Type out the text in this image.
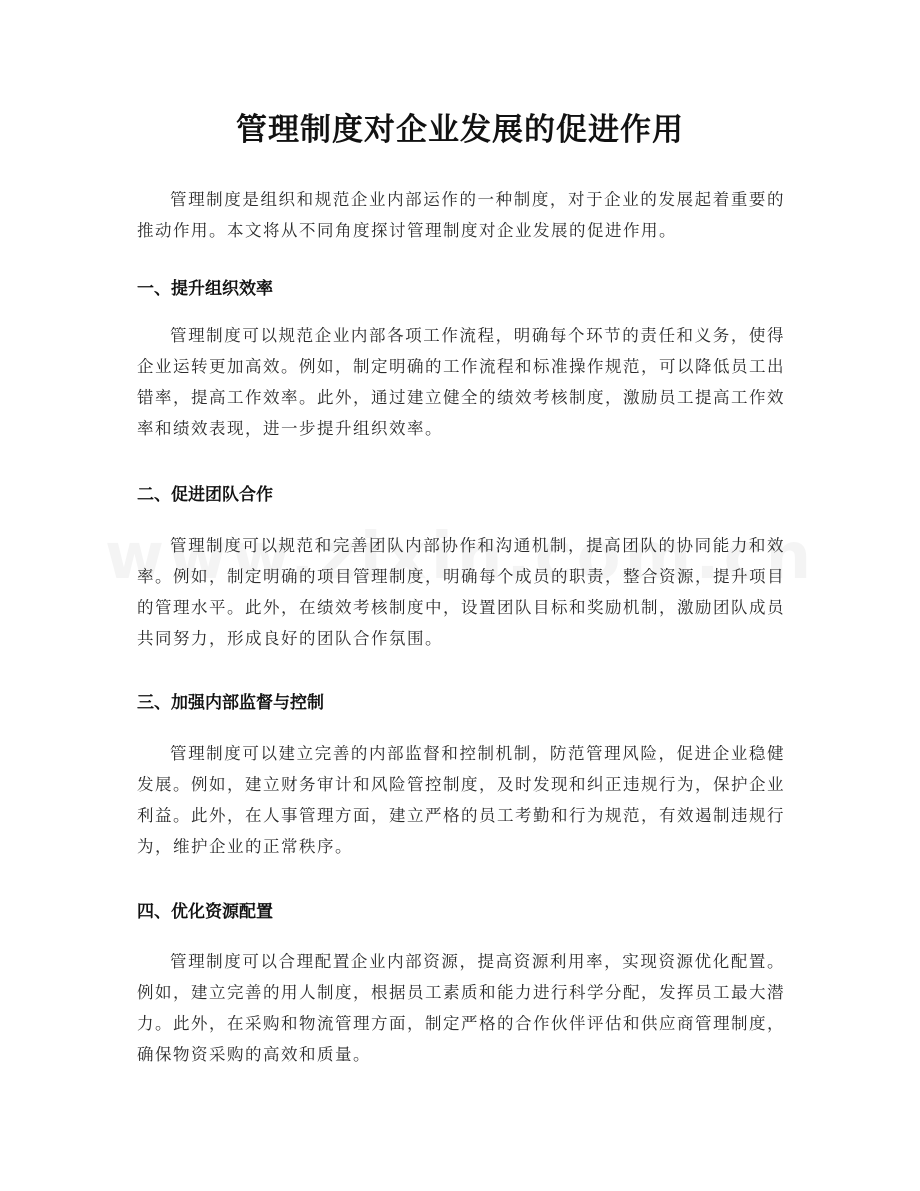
管理制度对企业发展的促进作用

管理制度是组织和规范企业内部运作的一种制度，对于企业的发展起着重要的推动作用。本文将从不同角度探讨管理制度对企业发展的促进作用。

一、提升组织效率

管理制度可以规范企业内部各项工作流程，明确每个环节的责任和义务，使得企业运转更加高效。例如，制定明确的工作流程和标准操作规范，可以降低员工出错率，提高工作效率。此外，通过建立健全的绩效考核制度，激励员工提高工作效率和绩效表现，进一步提升组织效率。

二、促进团队合作

管理制度可以规范和完善团队内部协作和沟通机制，提高团队的协同能力和效率。例如，制定明确的项目管理制度，明确每个成员的职责，整合资源，提升项目的管理水平。此外，在绩效考核制度中，设置团队目标和奖励机制，激励团队成员共同努力，形成良好的团队合作氛围。

三、加强内部监督与控制

管理制度可以建立完善的内部监督和控制机制，防范管理风险，促进企业稳健发展。例如，建立财务审计和风险管控制度，及时发现和纠正违规行为，保护企业利益。此外，在人事管理方面，建立严格的员工考勤和行为规范，有效遏制违规行为，维护企业的正常秩序。

四、优化资源配置

管理制度可以合理配置企业内部资源，提高资源利用率，实现资源优化配置。例如，建立完善的用人制度，根据员工素质和能力进行科学分配，发挥员工最大潜力。此外，在采购和物流管理方面，制定严格的合作伙伴评估和供应商管理制度，确保物资采购的高效和质量。
